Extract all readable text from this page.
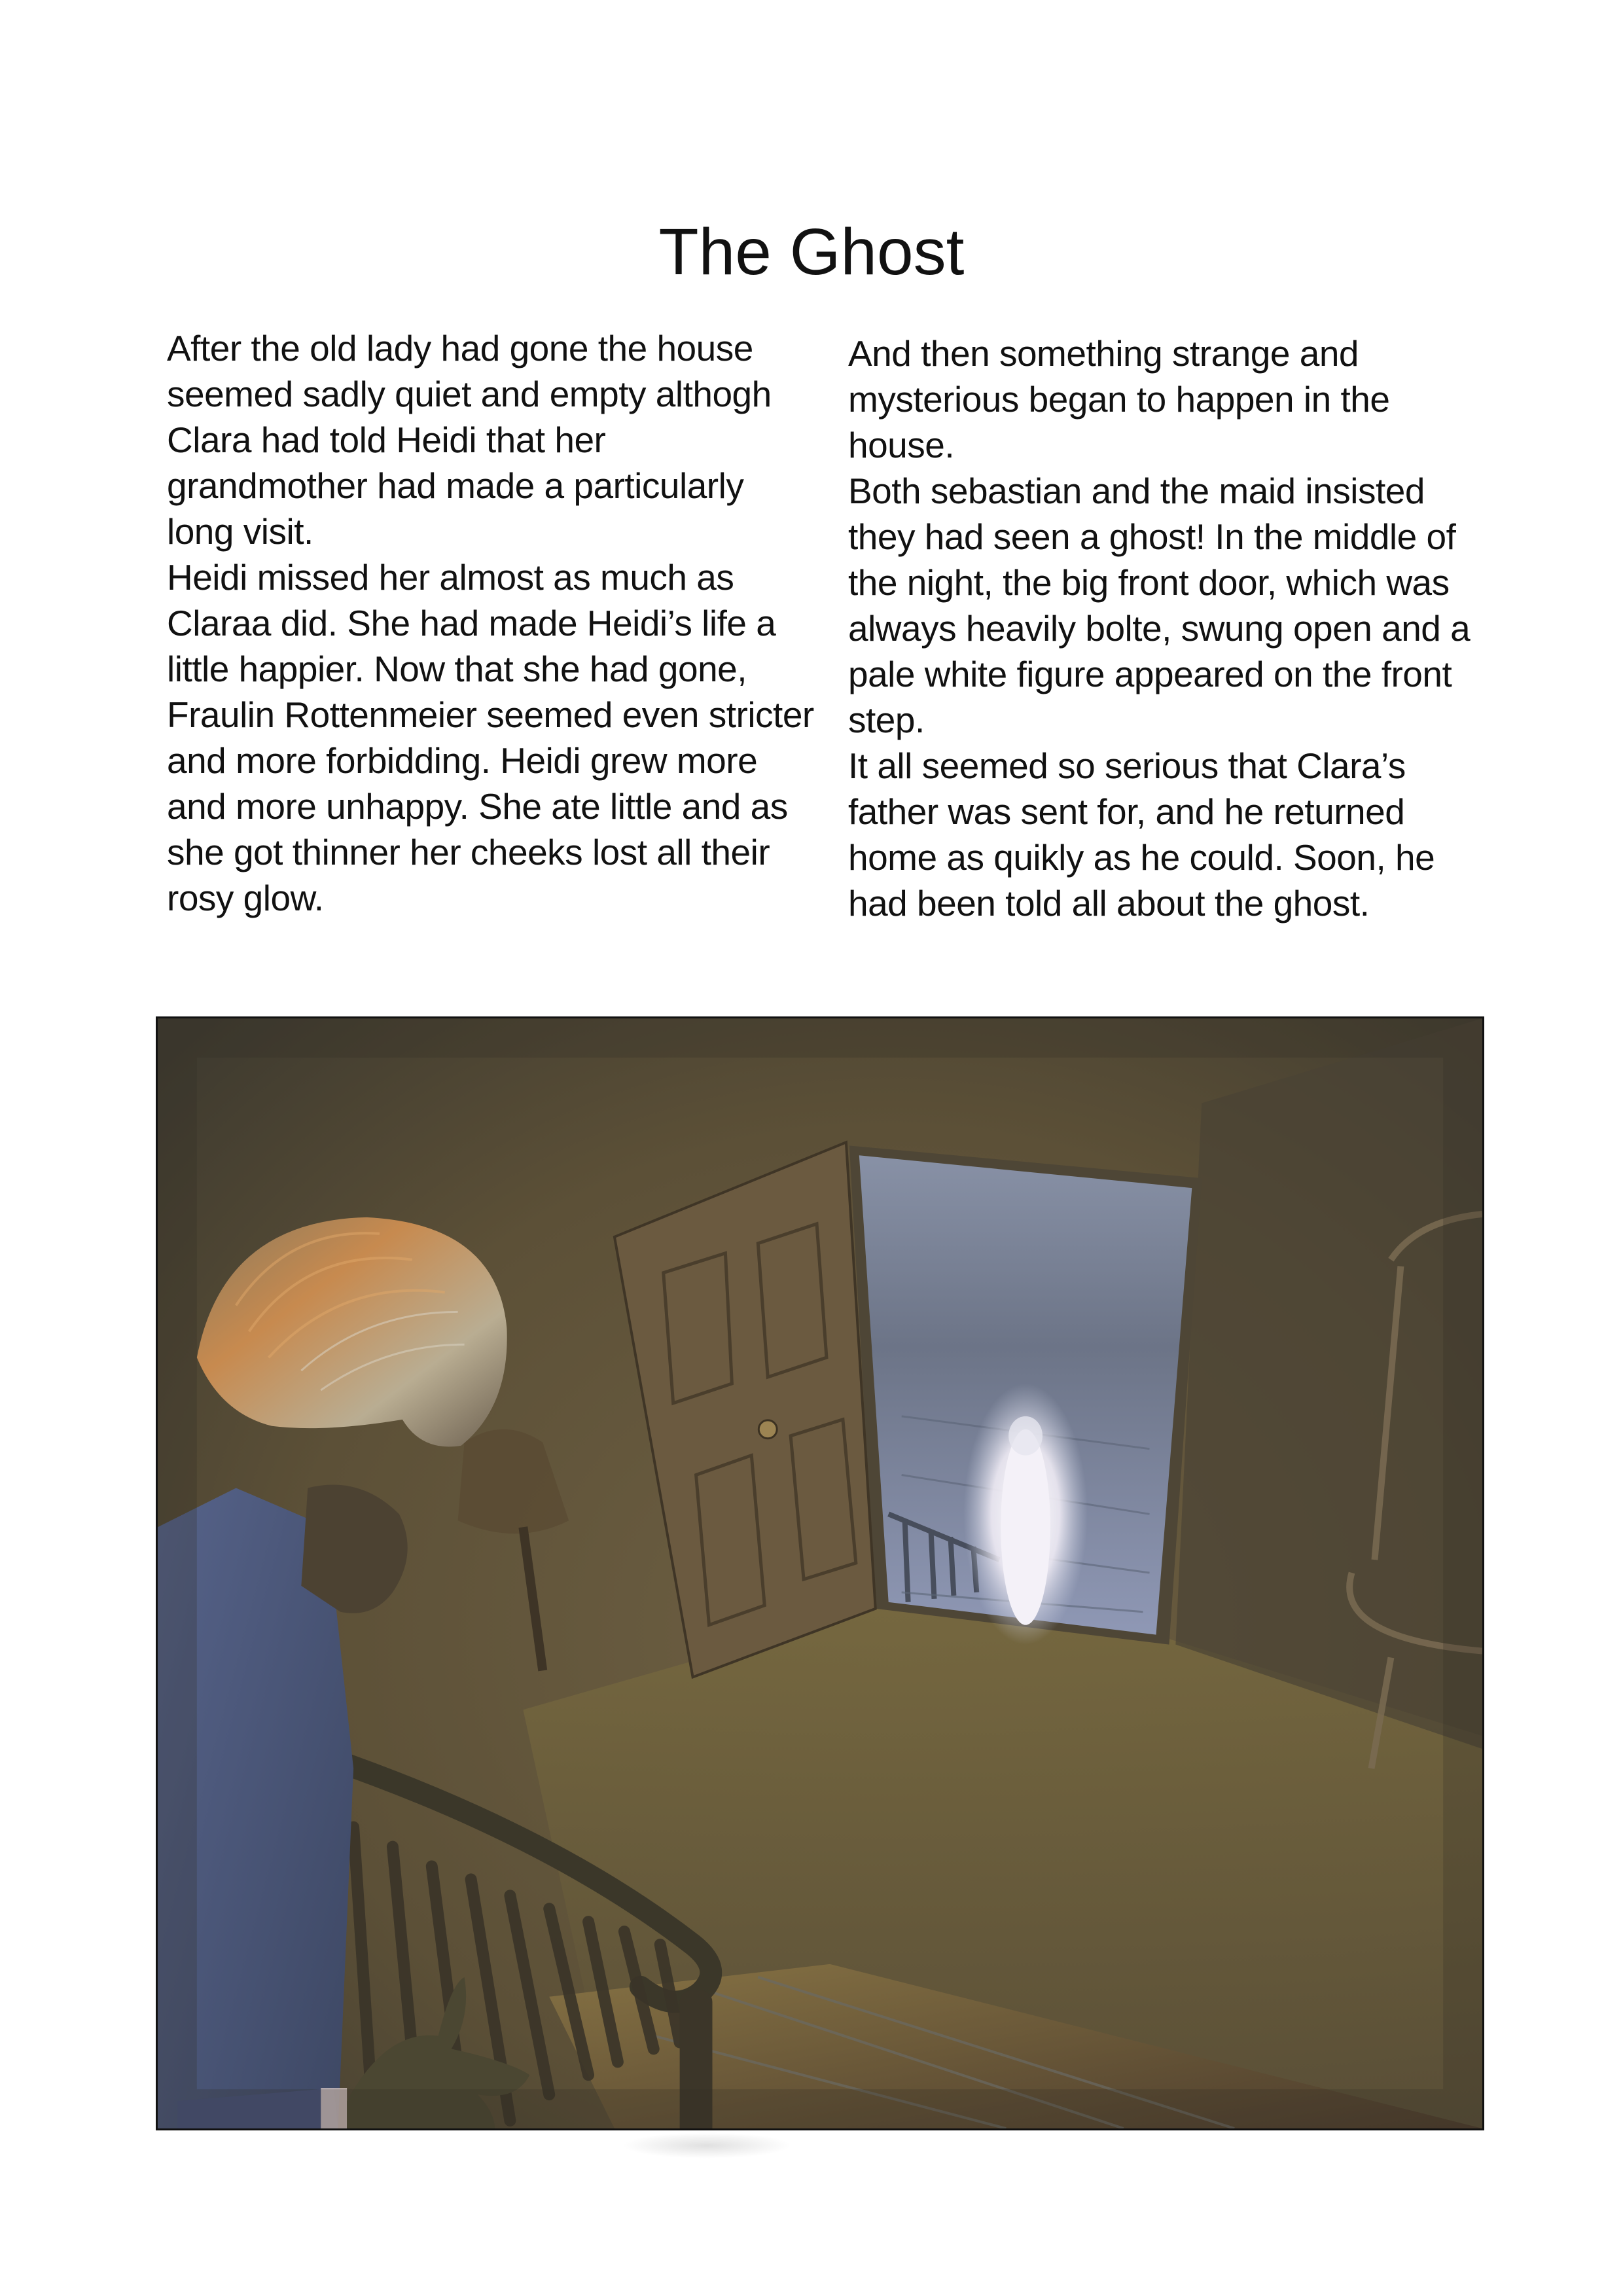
The Ghost

After the old lady had gone the house seemed sadly quiet and empty althogh Clara had told Heidi that her grandmother had made a particularly long visit.

Heidi missed her almost as much as Claraa did. She had made Heidi’s life a little happier. Now that she had gone, Fraulin Rottenmeier seemed even stricter and more forbidding. Heidi grew more and more unhappy. She ate little and as she got thinner her cheeks lost all their rosy glow.

And then something strange and mysterious began to happen in the house.

Both sebastian and the maid insisted they had seen a ghost! In the middle of the night, the big front door, which was always heavily bolte, swung open and a pale white figure appeared on the front step.

It all seemed so serious that Clara’s father was sent for, and he returned home as quikly as he could. Soon, he had been told all about the ghost.
